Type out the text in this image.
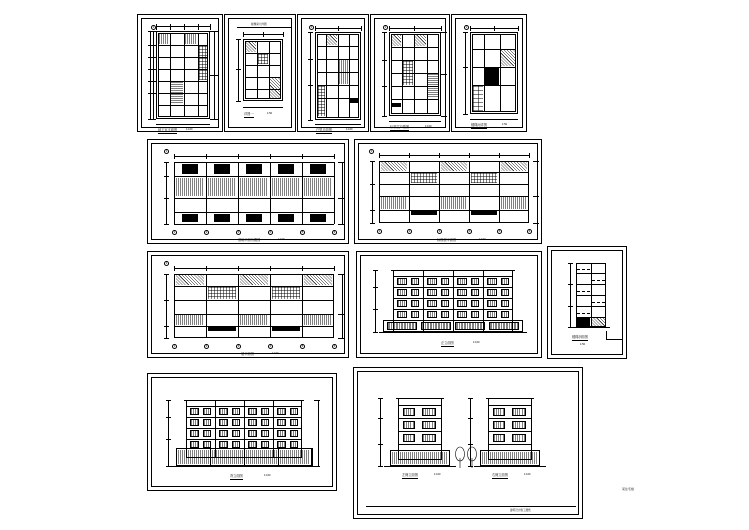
1
地下室平面图	1:100
楼梯间大样图
详图一	1:50
1
户型平面图	1:100
1
标准层户型图	1:100
1
楼梯间详图	1:50
1
1	2	3	4	5	6
基础平面布置图	1:100
1
1	2	3	4	5	6
标准层平面图	1:100
1
1	2	3	4	5	6
一层平面图	1:100
正立面图	1:100
楼梯剖面图
1:50
背立面图	1:100	左侧立面图	1:100	右侧立面图	1:100
建筑设计施工图纸
某住宅楼
